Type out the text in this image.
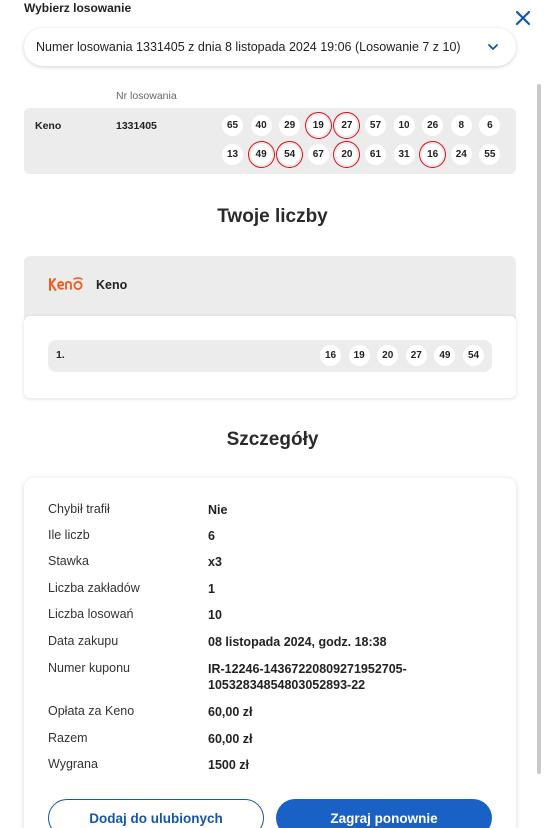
Wybierz losowanie
Numer losowania 1331405 z dnia 8 listopada 2024 19:06 (Losowanie 7 z 10)
Nr losowania
Keno	1331405	65	40	29	19	27	57	10	26	8	6
13	49	54	67	20	61	31	16	24	55
Twoje liczby
Keno
1.	16	19	20	27	49	54
Szczegóły
Chybił trafił	Nie
Ile liczb	6
Stawka	x3
Liczba zakładów	1
Liczba losowań	10
Data zakupu	08 listopada 2024, godz. 18:38
Numer kuponu	IR-12246-14367220809271952705-10532834854803052893-22
Opłata za Keno	60,00 zł
Razem	60,00 zł
Wygrana	1500 zł
Dodaj do ulubionych	Zagraj ponownie
